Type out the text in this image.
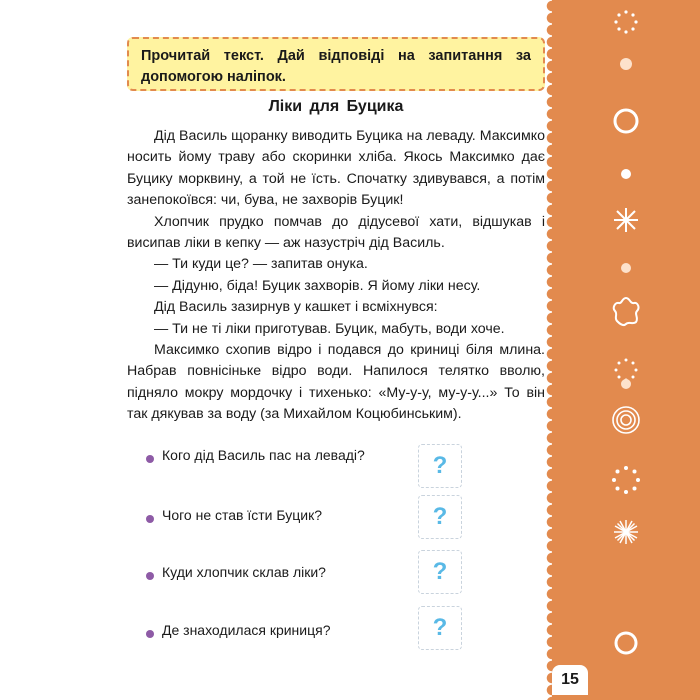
Прочитай текст. Дай відповіді на запитання за допомогою наліпок.
Ліки для Буцика

Дід Василь щоранку виводить Буцика на леваду. Максимко носить йому траву або скоринки хліба. Якось Максимко дає Буцику морквину, а той не їсть. Спочатку здивувався, а потім занепокоївся: чи, бува, не захворів Буцик!

Хлопчик прудко помчав до дідусевої хати, відшукав і висипав ліки в кепку — аж назустріч дід Василь.

— Ти куди це? — запитав онука.

— Дідуню, біда! Буцик захворів. Я йому ліки несу.

Дід Василь зазирнув у кашкет і всміхнувся:

— Ти не ті ліки приготував. Буцик, мабуть, води хоче.

Максимко схопив відро і подався до криниці біля млина. Набрав повнісіньке відро води. Напилося телятко вволю, підняло мокру мордочку і тихенько: «Му-у-у, му-у-у...» То він так дякував за воду (за Михайлом Коцюбинським).

Кого дід Василь пас на леваді?	?
Чого не став їсти Буцик?	?
Куди хлопчик склав ліки?	?
Де знаходилася криниця?	?
15
